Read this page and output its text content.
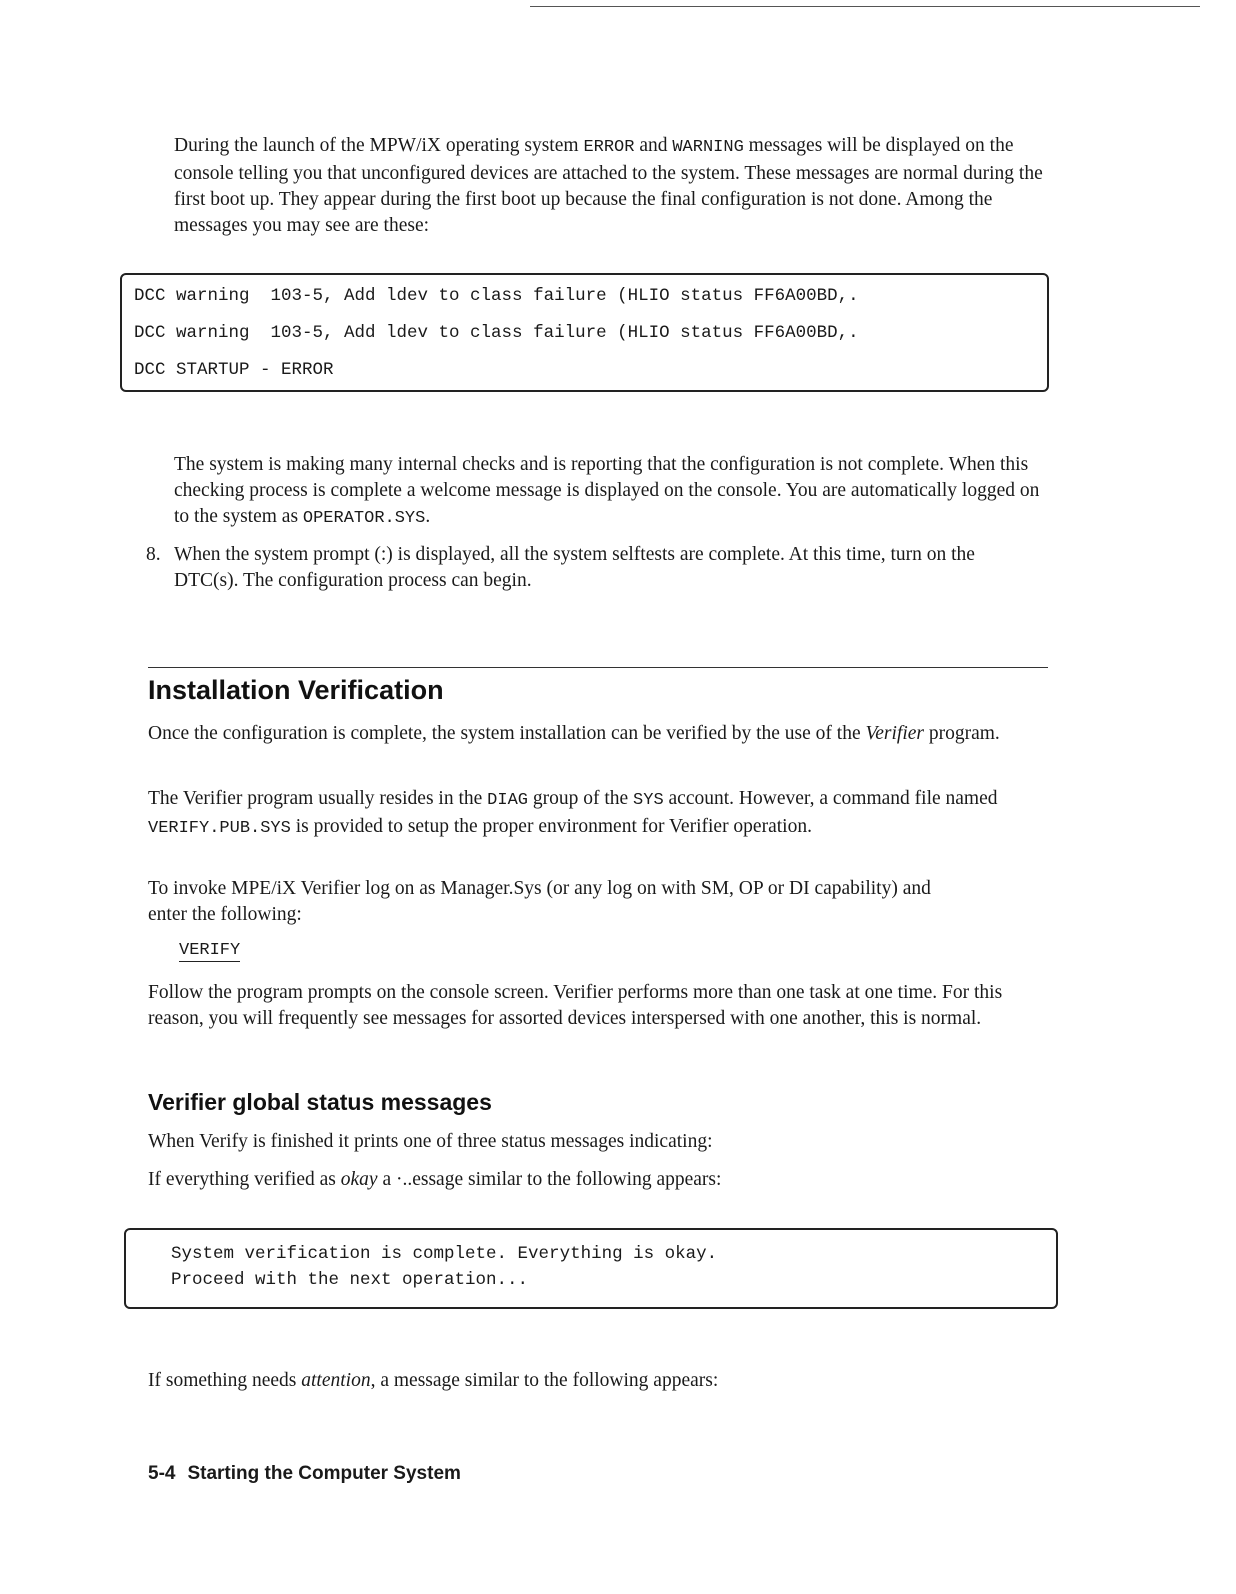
During the launch of the MPW/iX operating system ERROR and WARNING messages will be displayed on the console telling you that unconfigured devices are attached to the system. These messages are normal during the first boot up. They appear during the first boot up because the final configuration is not done. Among the messages you may see are these:
DCC warning  103-5, Add ldev to class failure (HLIO status FF6A00BD,.
DCC warning  103-5, Add ldev to class failure (HLIO status FF6A00BD,.
DCC STARTUP - ERROR
The system is making many internal checks and is reporting that the configuration is not complete. When this checking process is complete a welcome message is displayed on the console. You are automatically logged on to the system as OPERATOR.SYS.
8. When the system prompt (:) is displayed, all the system selftests are complete. At this time, turn on the DTC(s). The configuration process can begin.
Installation Verification
Once the configuration is complete, the system installation can be verified by the use of the Verifier program.
The Verifier program usually resides in the DIAG group of the SYS account. However, a command file named VERIFY.PUB.SYS is provided to setup the proper environment for Verifier operation.
To invoke MPE/iX Verifier log on as Manager.Sys (or any log on with SM, OP or DI capability) and enter the following:
VERIFY
Follow the program prompts on the console screen. Verifier performs more than one task at one time. For this reason, you will frequently see messages for assorted devices interspersed with one another, this is normal.
Verifier global status messages
When Verify is finished it prints one of three status messages indicating:
If everything verified as okay a ·..essage similar to the following appears:
System verification is complete. Everything is okay.
Proceed with the next operation...
If something needs attention, a message similar to the following appears:
5-4 Starting the Computer System
